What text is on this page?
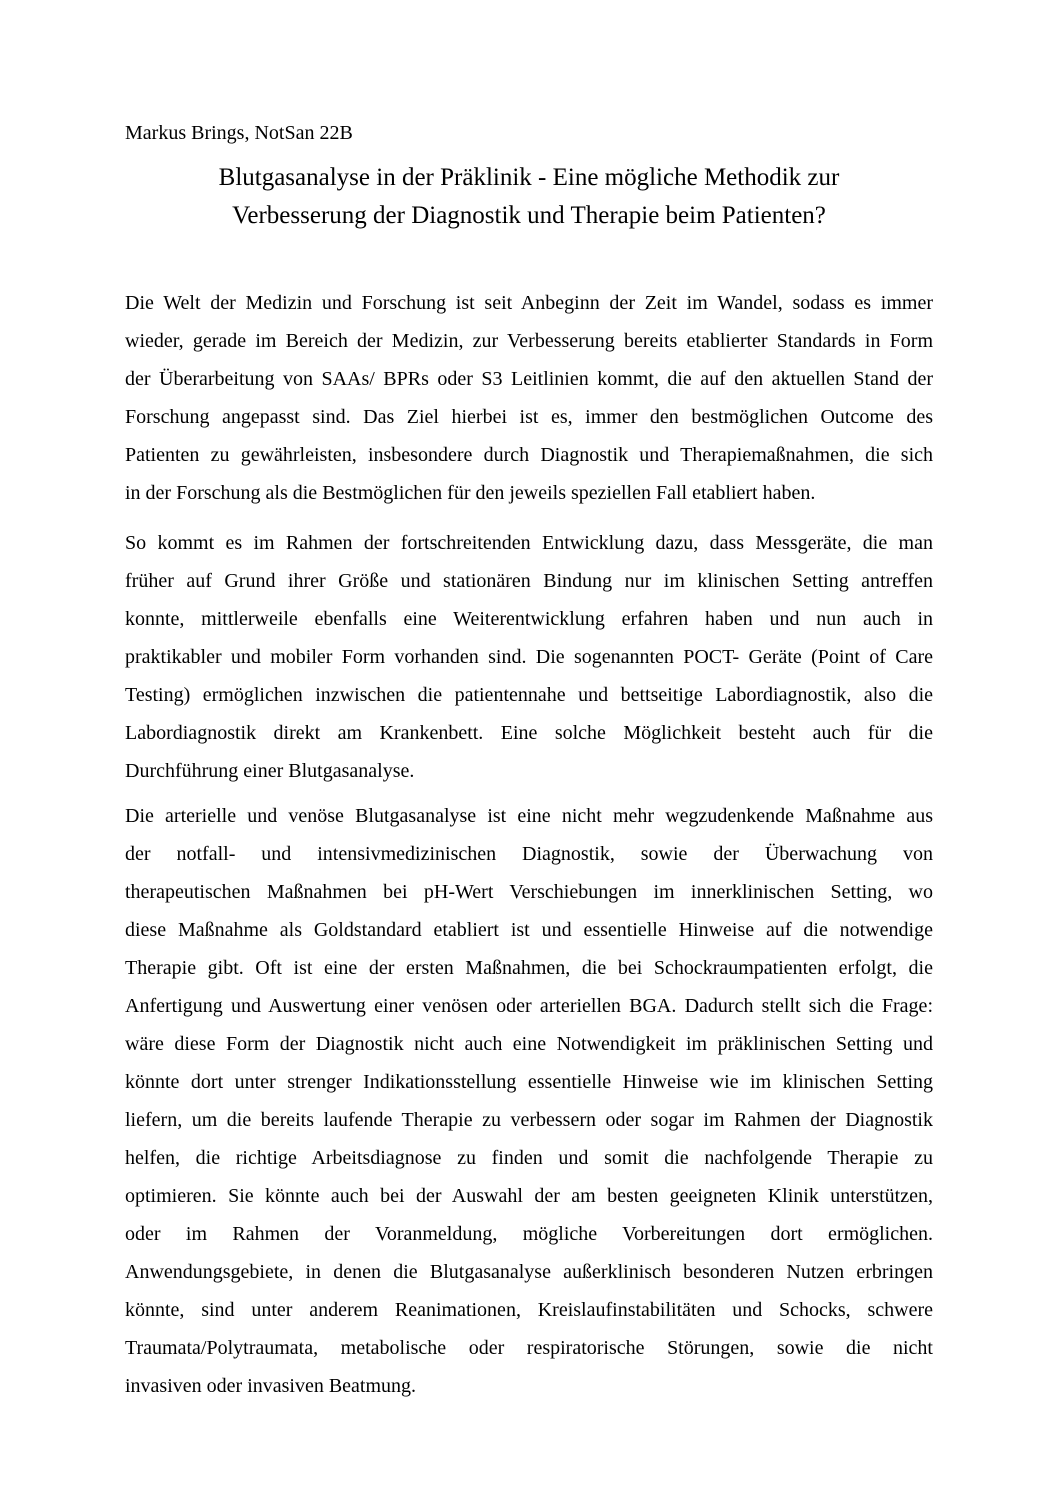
Markus Brings, NotSan 22B
Blutgasanalyse in der Präklinik - Eine mögliche Methodik zur
Verbesserung der Diagnostik und Therapie beim Patienten?
Die Welt der Medizin und Forschung ist seit Anbeginn der Zeit im Wandel, sodass es immer
wieder, gerade im Bereich der Medizin, zur Verbesserung bereits etablierter Standards in Form
der Überarbeitung von SAAs/ BPRs oder S3 Leitlinien kommt, die auf den aktuellen Stand der
Forschung angepasst sind. Das Ziel hierbei ist es, immer den bestmöglichen Outcome des
Patienten zu gewährleisten, insbesondere durch Diagnostik und Therapiemaßnahmen, die sich
in der Forschung als die Bestmöglichen für den jeweils speziellen Fall etabliert haben.
So kommt es im Rahmen der fortschreitenden Entwicklung dazu, dass Messgeräte, die man
früher auf Grund ihrer Größe und stationären Bindung nur im klinischen Setting antreffen
konnte, mittlerweile ebenfalls eine Weiterentwicklung erfahren haben und nun auch in
praktikabler und mobiler Form vorhanden sind. Die sogenannten POCT- Geräte (Point of Care
Testing) ermöglichen inzwischen die patientennahe und bettseitige Labordiagnostik, also die
Labordiagnostik direkt am Krankenbett. Eine solche Möglichkeit besteht auch für die
Durchführung einer Blutgasanalyse.
Die arterielle und venöse Blutgasanalyse ist eine nicht mehr wegzudenkende Maßnahme aus
der notfall- und intensivmedizinischen Diagnostik, sowie der Überwachung von
therapeutischen Maßnahmen bei pH-Wert Verschiebungen im innerklinischen Setting, wo
diese Maßnahme als Goldstandard etabliert ist und essentielle Hinweise auf die notwendige
Therapie gibt. Oft ist eine der ersten Maßnahmen, die bei Schockraumpatienten erfolgt, die
Anfertigung und Auswertung einer venösen oder arteriellen BGA. Dadurch stellt sich die Frage:
wäre diese Form der Diagnostik nicht auch eine Notwendigkeit im präklinischen Setting und
könnte dort unter strenger Indikationsstellung essentielle Hinweise wie im klinischen Setting
liefern, um die bereits laufende Therapie zu verbessern oder sogar im Rahmen der Diagnostik
helfen, die richtige Arbeitsdiagnose zu finden und somit die nachfolgende Therapie zu
optimieren. Sie könnte auch bei der Auswahl der am besten geeigneten Klinik unterstützen,
oder im Rahmen der Voranmeldung, mögliche Vorbereitungen dort ermöglichen.
Anwendungsgebiete, in denen die Blutgasanalyse außerklinisch besonderen Nutzen erbringen
könnte, sind unter anderem Reanimationen, Kreislaufinstabilitäten und Schocks, schwere
Traumata/Polytraumata, metabolische oder respiratorische Störungen, sowie die nicht
invasiven oder invasiven Beatmung.
